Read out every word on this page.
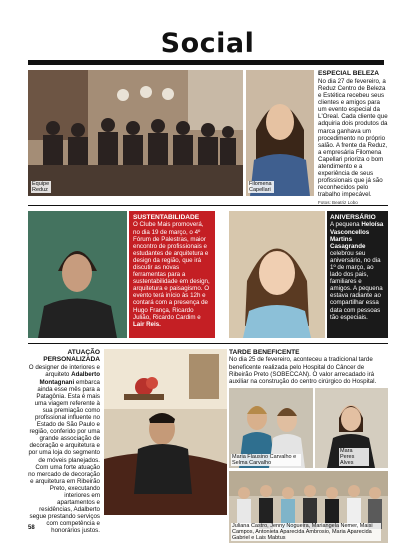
Social
Equipe Reduz
Filomena Capellari
ESPECIAL BELEZA
No dia 27 de fevereiro, a Reduz Centro de Beleza e Estética recebeu seus clientes e amigos para um evento especial da L'Oreal. Cada cliente que adquiria dois produtos da marca ganhava um procedimento no próprio salão. A frente da Reduz, a empresária Filomena Capellari prioriza o bom atendimento e a experiência de seus profissionais que já são reconhecidos pelo trabalho impecável.
Fotos: Beatriz Lobo
SUSTENTABILIDADE
O Clube Mais promoverá, no dia 19 de março, o 4º Fórum de Palestras, maior encontro de profissionais e estudantes de arquitetura e design da região, que irá discutir as novas ferramentas para a sustentabilidade em design, arquitetura e paisagismo. O evento terá início às 12h e contará com a presença de Hugo França, Ricardo Julião, Ricardo Cardim e Lair Reis.
ANIVERSÁRIO
A pequena Heloísa Vasconcellos Martins Casagrande celebrou seu aniversário, no dia 1º de março, ao lado dos pais, familiares e amigos. A pequena estava radiante ao compartilhar essa data com pessoas tão especiais.
ATUAÇÃO
PERSONALIZADA
O designer de interiores e arquiteto Adalberto Montagnani embarca ainda esse mês para a Patagônia. Esta é mais uma viagem referente à sua premiação como profissional influente no Estado de São Paulo e região, conferido por uma grande associação de decoração e arquitetura e por uma loja do segmento de móveis planejados. Com uma forte atuação no mercado de decoração e arquitetura em Ribeirão Preto, executando interiores em apartamentos e residências, Adalberto segue prestando serviços com competência e honorários justos.
TARDE BENEFICENTE
No dia 25 de fevereiro, aconteceu a tradicional tarde beneficente realizada pelo Hospital do Câncer de Ribeirão Preto (SOBECCAN). O valor arrecadado irá auxiliar na construção do centro cirúrgico do Hospital.
Maria Flausino Carvalho e Selma Carvalho
Mara Peres Alves
Juliana Castro, Jenny Nogueira, Mariangela Nemer, Maisi Campos, Antonieta Aparecida Ambrosio, Maria Aparecida Gabriel e Lais Mabtus
58
